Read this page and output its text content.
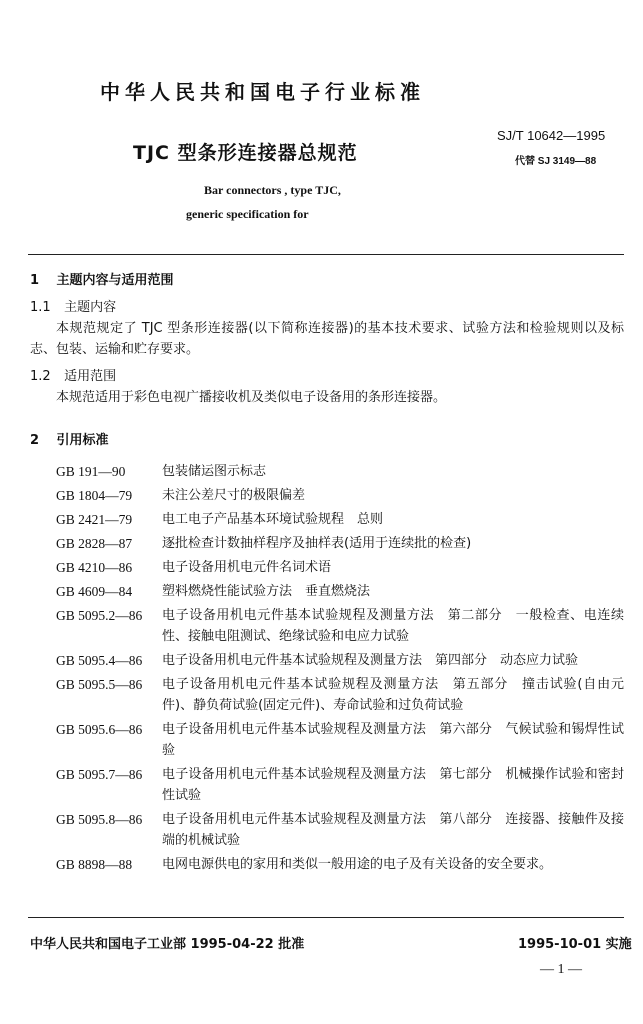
中华人民共和国电子行业标准
TJC 型条形连接器总规范
SJ/T 10642—1995
代替 SJ 3149—88
Bar connectors , type TJC,
generic specification for
1 主题内容与适用范围
1.1 主题内容
本规范规定了 TJC 型条形连接器(以下简称连接器)的基本技术要求、试验方法和检验规则以及标志、包装、运输和贮存要求。
1.2 适用范围
本规范适用于彩色电视广播接收机及类似电子设备用的条形连接器。
2 引用标准
GB 191—90	包装储运图示标志
GB 1804—79	未注公差尺寸的极限偏差
GB 2421—79	电工电子产品基本环境试验规程　总则
GB 2828—87	逐批检查计数抽样程序及抽样表(适用于连续批的检查)
GB 4210—86	电子设备用机电元件名词术语
GB 4609—84	塑料燃烧性能试验方法　垂直燃烧法
GB 5095.2—86	电子设备用机电元件基本试验规程及测量方法　第二部分　一般检查、电连续性、接触电阻测试、绝缘试验和电应力试验
GB 5095.4—86	电子设备用机电元件基本试验规程及测量方法　第四部分　动态应力试验
GB 5095.5—86	电子设备用机电元件基本试验规程及测量方法　第五部分　撞击试验(自由元件)、静负荷试验(固定元件)、寿命试验和过负荷试验
GB 5095.6—86	电子设备用机电元件基本试验规程及测量方法　第六部分　气候试验和锡焊性试验
GB 5095.7—86	电子设备用机电元件基本试验规程及测量方法　第七部分　机械操作试验和密封性试验
GB 5095.8—86	电子设备用机电元件基本试验规程及测量方法　第八部分　连接器、接触件及接端的机械试验
GB 8898—88	电网电源供电的家用和类似一般用途的电子及有关设备的安全要求。
中华人民共和国电子工业部 1995-04-22 批准	1995-10-01 实施
— 1 —
